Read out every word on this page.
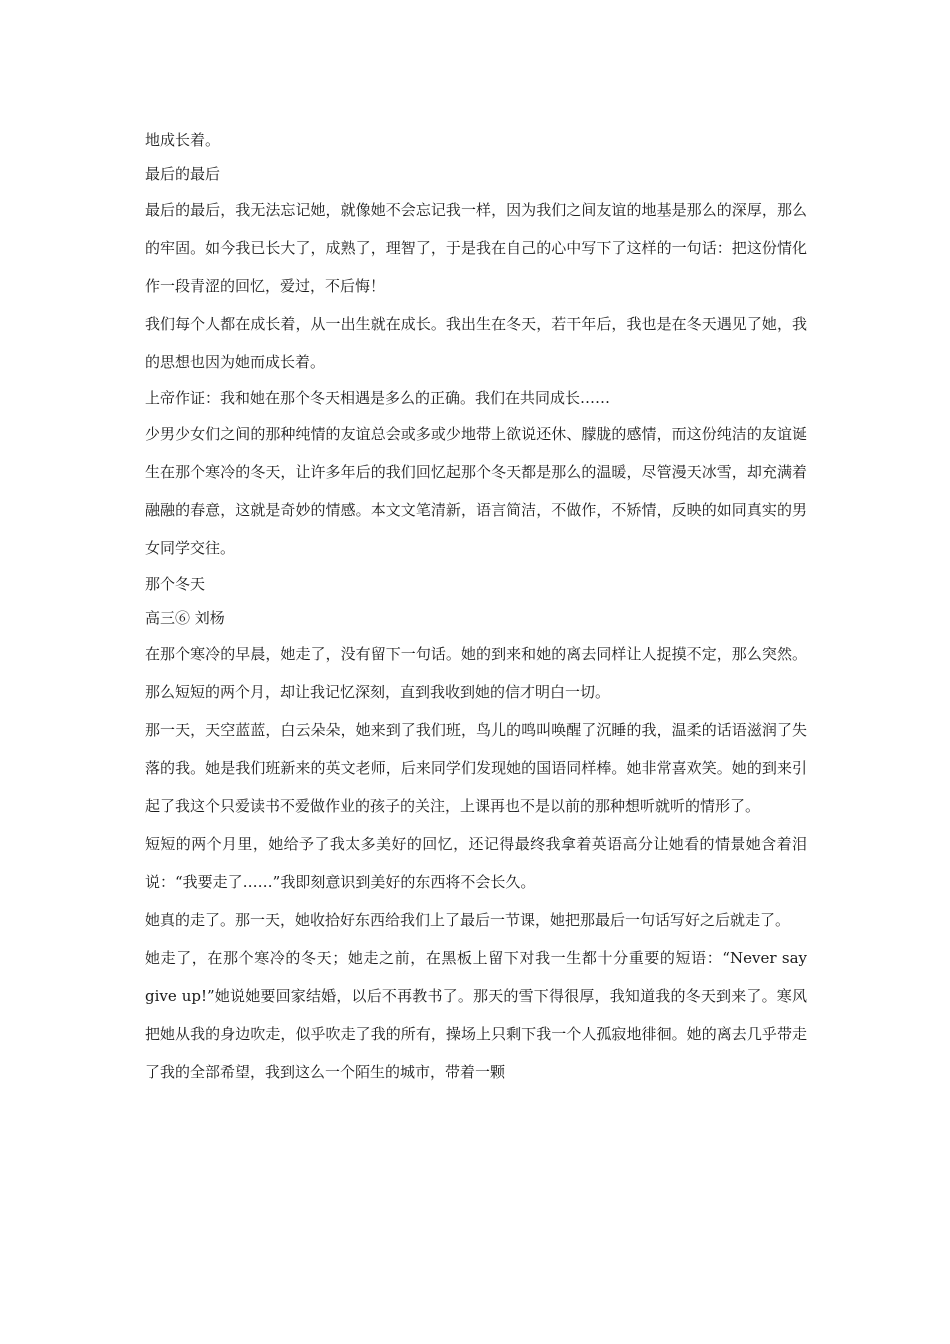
地成长着。

最后的最后

最后的最后，我无法忘记她，就像她不会忘记我一样，因为我们之间友谊的地基是那么的深厚，那么的牢固。如今我已长大了，成熟了，理智了，于是我在自己的心中写下了这样的一句话：把这份情化作一段青涩的回忆，爱过，不后悔！

我们每个人都在成长着，从一出生就在成长。我出生在冬天，若干年后，我也是在冬天遇见了她，我的思想也因为她而成长着。

上帝作证：我和她在那个冬天相遇是多么的正确。我们在共同成长……

少男少女们之间的那种纯情的友谊总会或多或少地带上欲说还休、朦胧的感情，而这份纯洁的友谊诞生在那个寒冷的冬天，让许多年后的我们回忆起那个冬天都是那么的温暖，尽管漫天冰雪，却充满着融融的春意，这就是奇妙的情感。本文文笔清新，语言简洁，不做作，不矫情，反映的如同真实的男女同学交往。

那个冬天

高三⑥ 刘杨

在那个寒冷的早晨，她走了，没有留下一句话。她的到来和她的离去同样让人捉摸不定，那么突然。那么短短的两个月，却让我记忆深刻，直到我收到她的信才明白一切。

那一天，天空蓝蓝，白云朵朵，她来到了我们班，鸟儿的鸣叫唤醒了沉睡的我，温柔的话语滋润了失落的我。她是我们班新来的英文老师，后来同学们发现她的国语同样棒。她非常喜欢笑。她的到来引起了我这个只爱读书不爱做作业的孩子的关注，上课再也不是以前的那种想听就听的情形了。

短短的两个月里，她给予了我太多美好的回忆，还记得最终我拿着英语高分让她看的情景她含着泪说：“我要走了……”我即刻意识到美好的东西将不会长久。

她真的走了。那一天，她收拾好东西给我们上了最后一节课，她把那最后一句话写好之后就走了。

她走了，在那个寒冷的冬天；她走之前，在黑板上留下对我一生都十分重要的短语：“Never say give up!”她说她要回家结婚，以后不再教书了。那天的雪下得很厚，我知道我的冬天到来了。寒风把她从我的身边吹走，似乎吹走了我的所有，操场上只剩下我一个人孤寂地徘徊。她的离去几乎带走了我的全部希望，我到这么一个陌生的城市，带着一颗
